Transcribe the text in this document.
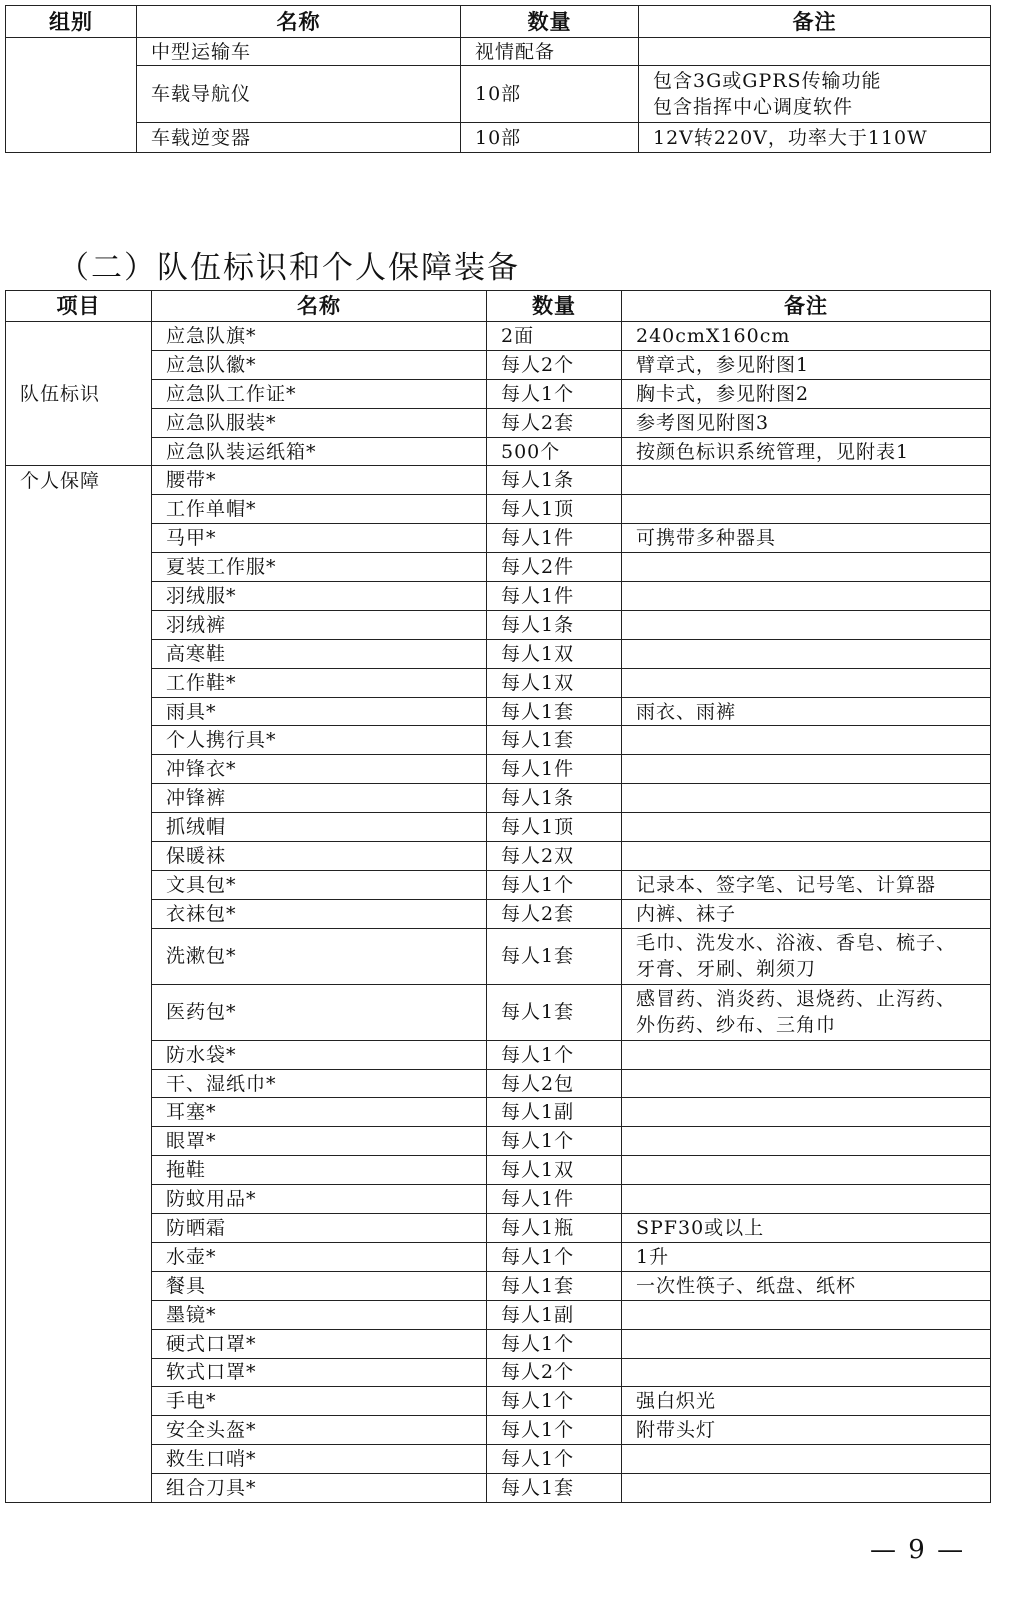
组别	名称	数量	备注
	中型运输车	视情配备	
	车载导航仪	10部	包含3G或GPRS传输功能
包含指挥中心调度软件
	车载逆变器	10部	12V转220V，功率大于110W
（二）队伍标识和个人保障装备
项目	名称	数量	备注
队伍标识	应急队旗*	2面	240cmX160cm
	应急队徽*	每人2个	臂章式，参见附图1
	应急队工作证*	每人1个	胸卡式，参见附图2
	应急队服装*	每人2套	参考图见附图3
	应急队装运纸箱*	500个	按颜色标识系统管理，见附表1
个人保障	腰带*	每人1条	
	工作单帽*	每人1顶	
	马甲*	每人1件	可携带多种器具
	夏装工作服*	每人2件	
	羽绒服*	每人1件	
	羽绒裤	每人1条	
	高寒鞋	每人1双	
	工作鞋*	每人1双	
	雨具*	每人1套	雨衣、雨裤
	个人携行具*	每人1套	
	冲锋衣*	每人1件	
	冲锋裤	每人1条	
	抓绒帽	每人1顶	
	保暖袜	每人2双	
	文具包*	每人1个	记录本、签字笔、记号笔、计算器
	衣袜包*	每人2套	内裤、袜子
	洗漱包*	每人1套	毛巾、洗发水、浴液、香皂、梳子、
牙膏、牙刷、剃须刀
	医药包*	每人1套	感冒药、消炎药、退烧药、止泻药、
外伤药、纱布、三角巾
	防水袋*	每人1个	
	干、湿纸巾*	每人2包	
	耳塞*	每人1副	
	眼罩*	每人1个	
	拖鞋	每人1双	
	防蚊用品*	每人1件	
	防晒霜	每人1瓶	SPF30或以上
	水壶*	每人1个	1升
	餐具	每人1套	一次性筷子、纸盘、纸杯
	墨镜*	每人1副	
	硬式口罩*	每人1个	
	软式口罩*	每人2个	
	手电*	每人1个	强白炽光
	安全头盔*	每人1个	附带头灯
	救生口哨*	每人1个	
	组合刀具*	每人1套	
— 9 —
